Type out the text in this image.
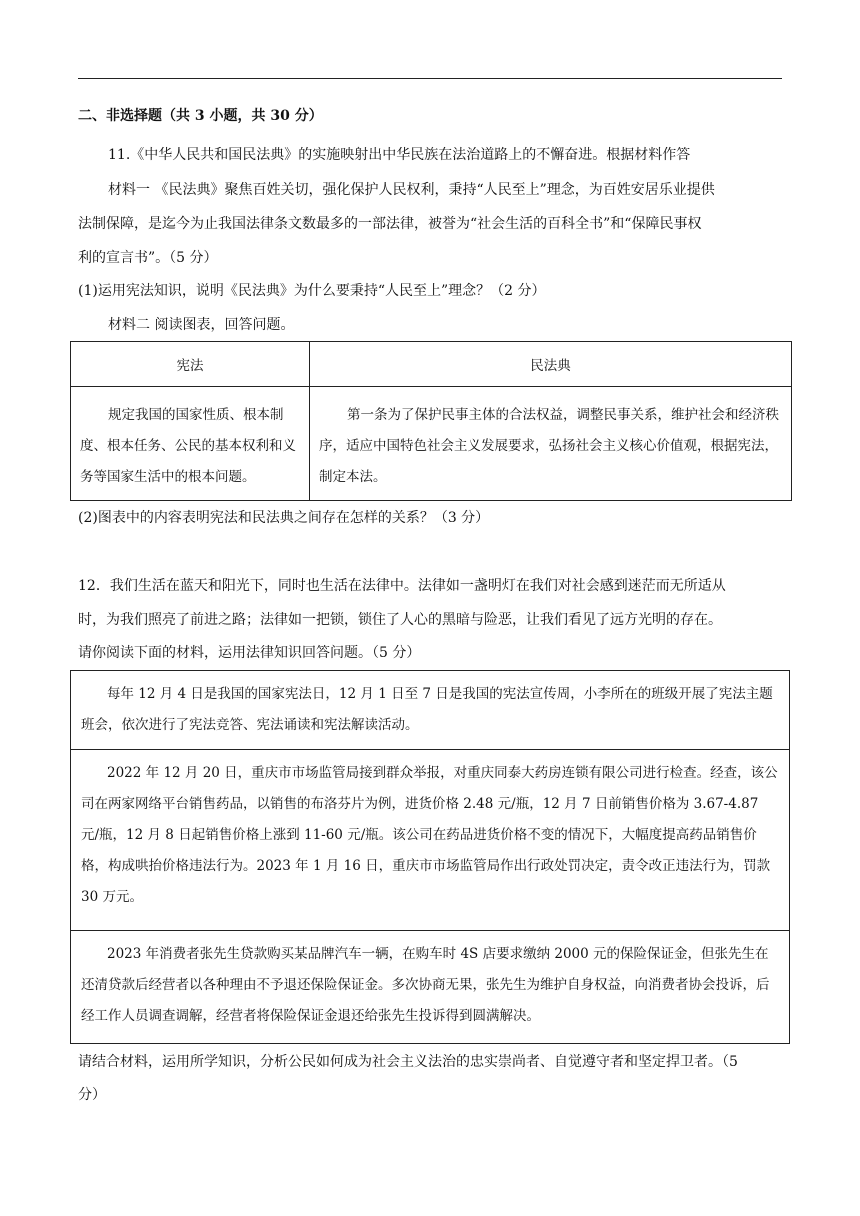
二、非选择题（共 3 小题，共 30 分）
11.《中华人民共和国民法典》的实施映射出中华民族在法治道路上的不懈奋进。根据材料作答
材料一 《民法典》聚焦百姓关切，强化保护人民权利，秉持“人民至上”理念，为百姓安居乐业提供
法制保障，是迄今为止我国法律条文数最多的一部法律，被誉为“社会生活的百科全书”和“保障民事权
利的宣言书”。（5 分）
(1)运用宪法知识，说明《民法典》为什么要秉持“人民至上”理念？（2 分）
材料二 阅读图表，回答问题。
宪法	民法典

规定我国的国家性质、根本制度、根本任务、公民的基本权利和义务等国家生活中的根本问题。	第一条为了保护民事主体的合法权益，调整民事关系，维护社会和经济秩序，适应中国特色社会主义发展要求，弘扬社会主义核心价值观，根据宪法，制定本法。
(2)图表中的内容表明宪法和民法典之间存在怎样的关系？（3 分）
12．我们生活在蓝天和阳光下，同时也生活在法律中。法律如一盏明灯在我们对社会感到迷茫而无所适从
时，为我们照亮了前进之路；法律如一把锁，锁住了人心的黑暗与险恶，让我们看见了远方光明的存在。
请你阅读下面的材料，运用法律知识回答问题。（5 分）
每年 12 月 4 日是我国的国家宪法日，12 月 1 日至 7 日是我国的宪法宣传周，小李所在的班级开展了宪法主题班会，依次进行了宪法竞答、宪法诵读和宪法解读活动。
2022 年 12 月 20 日，重庆市市场监管局接到群众举报，对重庆同泰大药房连锁有限公司进行检查。经查，该公司在两家网络平台销售药品，以销售的布洛芬片为例，进货价格 2.48 元/瓶，12 月 7 日前销售价格为 3.67-4.87 元/瓶，12 月 8 日起销售价格上涨到 11-60 元/瓶。该公司在药品进货价格不变的情况下，大幅度提高药品销售价格，构成哄抬价格违法行为。2023 年 1 月 16 日，重庆市市场监管局作出行政处罚决定，责令改正违法行为，罚款 30 万元。
2023 年消费者张先生贷款购买某品牌汽车一辆，在购车时 4S 店要求缴纳 2000 元的保险保证金，但张先生在还清贷款后经营者以各种理由不予退还保险保证金。多次协商无果，张先生为维护自身权益，向消费者协会投诉，后经工作人员调查调解，经营者将保险保证金退还给张先生投诉得到圆满解决。
请结合材料，运用所学知识，分析公民如何成为社会主义法治的忠实崇尚者、自觉遵守者和坚定捍卫者。（5
分）
